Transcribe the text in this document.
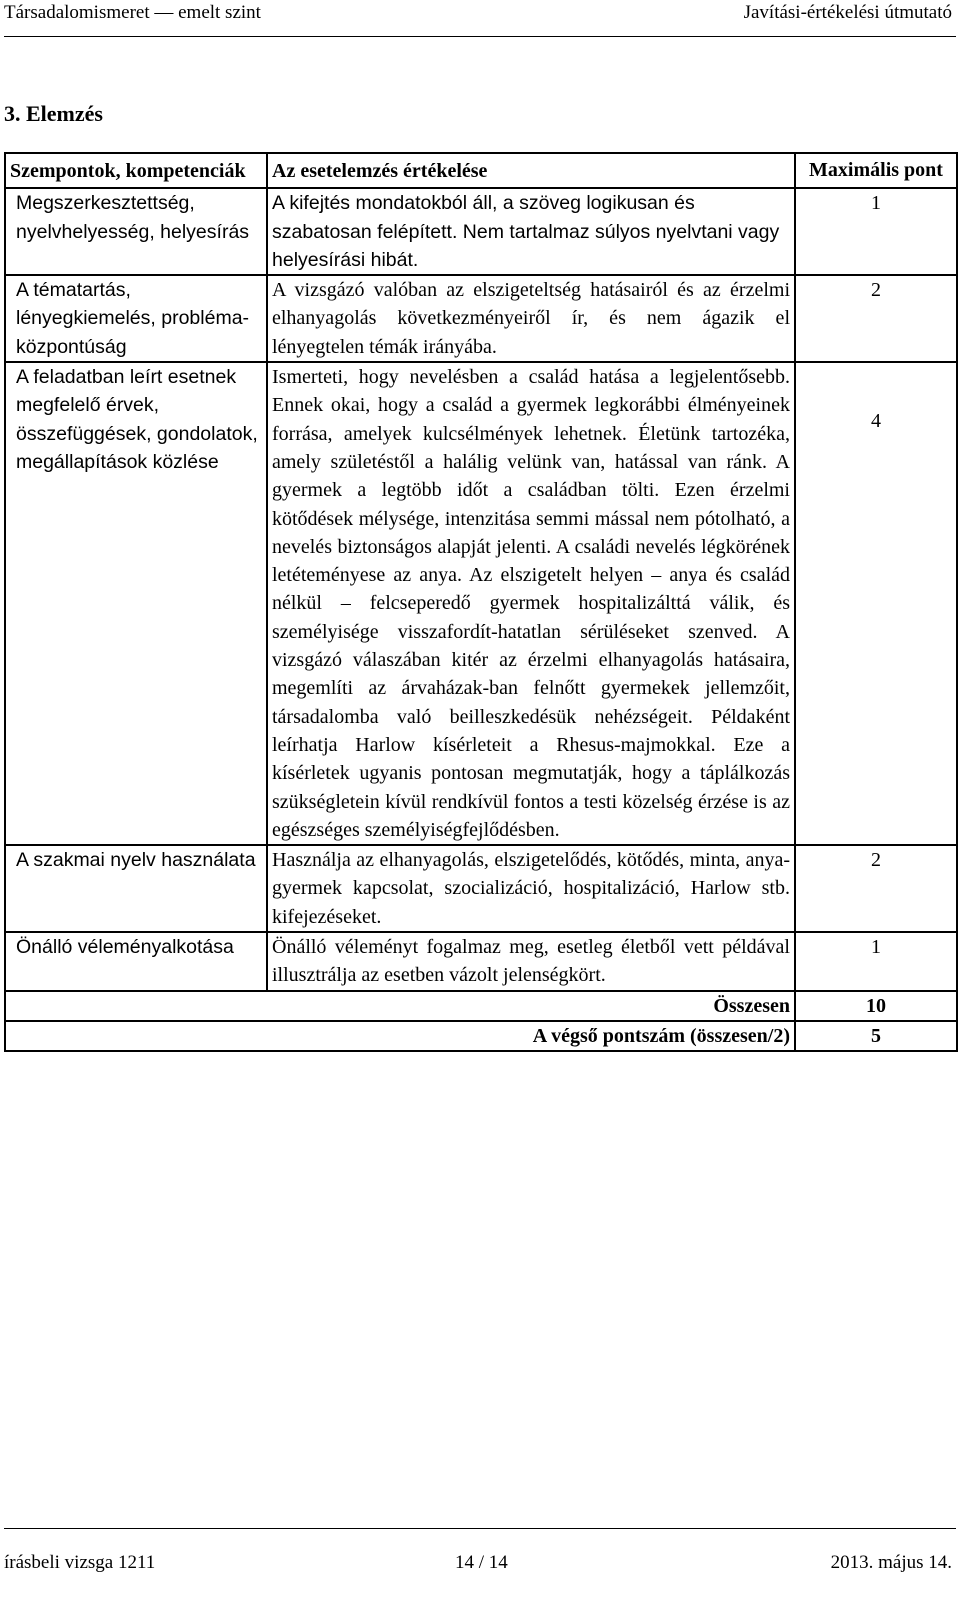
Társadalomismeret — emelt szint	Javítási-értékelési útmutató
3. Elemzés
Szempontok, kompetenciák	Az esetelemzés értékelése	Maximális pont
Megszerkesztettség, nyelvhelyesség, helyesírás	A kifejtés mondatokból áll, a szöveg logikusan és szabatosan felépített. Nem tartalmaz súlyos nyelvtani vagy helyesírási hibát.	1
A tématartás, lényegkiemelés, probléma-központúság	A vizsgázó valóban az elszigeteltség hatásairól és az érzelmi elhanyagolás következményeiről ír, és nem ágazik el lényegtelen témák irányába.	2
A feladatban leírt esetnek megfelelő érvek, összefüggések, gondolatok, megállapítások közlése	Ismerteti, hogy nevelésben a család hatása a legjelentősebb. Ennek okai, hogy a család a gyermek legkorábbi élményeinek forrása, amelyek kulcsélmények lehetnek. Életünk tartozéka, amely születéstől a halálig velünk van, hatással van ránk. A gyermek a legtöbb időt a családban tölti. Ezen érzelmi kötődések mélysége, intenzitása semmi mással nem pótolható, a nevelés biztonságos alapját jelenti. A családi nevelés légkörének letéteményese az anya. Az elszigetelt helyen – anya és család nélkül – felcseperedő gyermek hospitalizálttá válik, és személyisége visszafordít-hatatlan sérüléseket szenved. A vizsgázó válaszában kitér az érzelmi elhanyagolás hatásaira, megemlíti az árvaházak-ban felnőtt gyermekek jellemzőit, társadalomba való beilleszkedésük nehézségeit. Példaként leírhatja Harlow kísérleteit a Rhesus-majmokkal. Eze a kísérletek ugyanis pontosan megmutatják, hogy a táplálkozás szükségletein kívül rendkívül fontos a testi közelség érzése is az egészséges személyiségfejlődésben.	4
A szakmai nyelv használata	Használja az elhanyagolás, elszigetelődés, kötődés, minta, anya-gyermek kapcsolat, szocializáció, hospitalizáció, Harlow stb. kifejezéseket.	2
Önálló véleményalkotása	Önálló véleményt fogalmaz meg, esetleg életből vett példával illusztrálja az esetben vázolt jelenségkört.	1
Összesen		10
A végső pontszám (összesen/2)		5
írásbeli vizsga 1211	14 / 14	2013. május 14.
